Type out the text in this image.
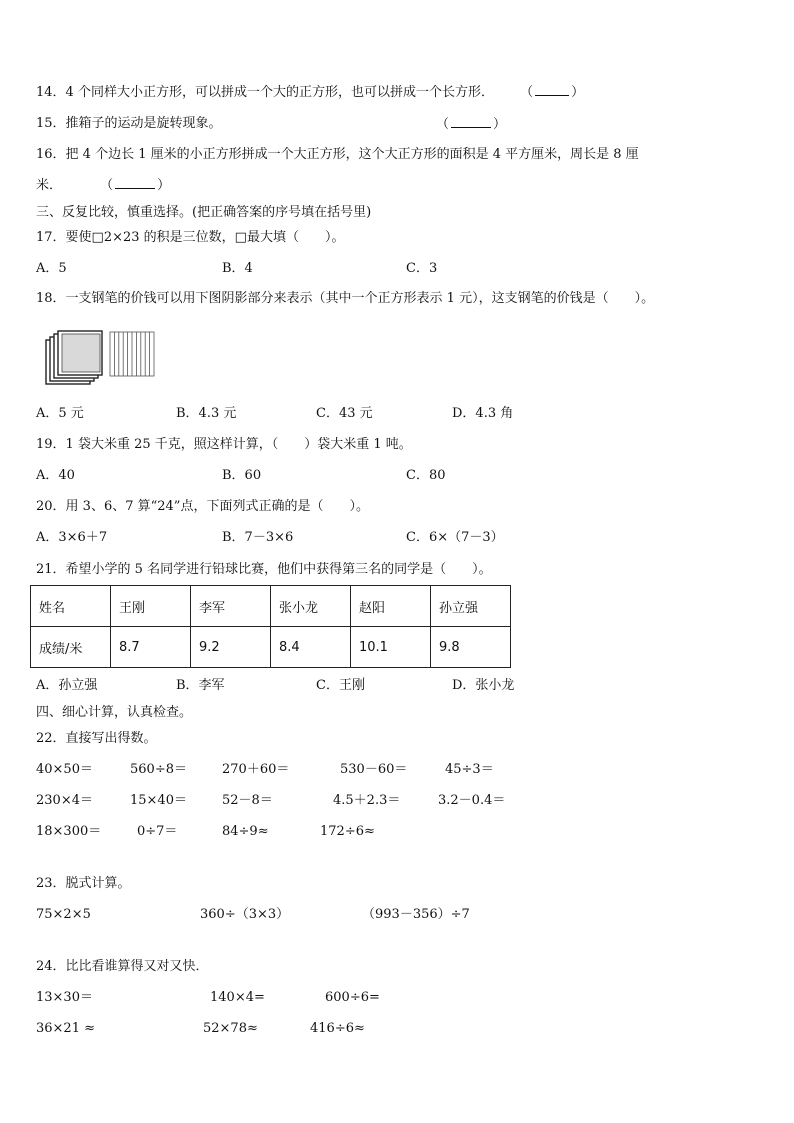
14．4 个同样大小正方形，可以拼成一个大的正方形，也可以拼成一个长方形． （	）
15．推箱子的运动是旋转现象。	（	）
16．把 4 个边长 1 厘米的小正方形拼成一个大正方形，这个大正方形的面积是 4 平方厘米，周长是 8 厘
米．	（	）
三、反复比较，慎重选择。(把正确答案的序号填在括号里)
17．要使□2×23 的积是三位数，□最大填（　　）。
A．5	B．4	C．3
18．一支钢笔的价钱可以用下图阴影部分来表示（其中一个正方形表示 1 元），这支钢笔的价钱是（　　）。
A．5 元	B．4.3 元	C．43 元	D．4.3 角
19．1 袋大米重 25 千克，照这样计算，（　　）袋大米重 1 吨。
A．40	B．60	C．80
20．用 3、6、7 算“24”点，下面列式正确的是（　　）。
A．3×6＋7	B．7－3×6	C．6×（7－3）
21．希望小学的 5 名同学进行铅球比赛，他们中获得第三名的同学是（　　）。
姓名	王刚	李军	张小龙	赵阳	孙立强
成绩/米	8.7	9.2	8.4	10.1	9.8
A．孙立强	B．李军	C．王刚	D．张小龙
四、细心计算，认真检查。
22．直接写出得数。
40×50＝	560÷8＝	270＋60＝	530－60＝	45÷3＝
230×4＝	15×40＝	52－8＝	4.5＋2.3＝	3.2－0.4＝
18×300＝	0÷7＝	84÷9≈	172÷6≈
23．脱式计算。
75×2×5	360÷（3×3）	（993－356）÷7
24．比比看谁算得又对又快．
13×30＝	140×4=	600÷6=
36×21 ≈	52×78≈	416÷6≈
